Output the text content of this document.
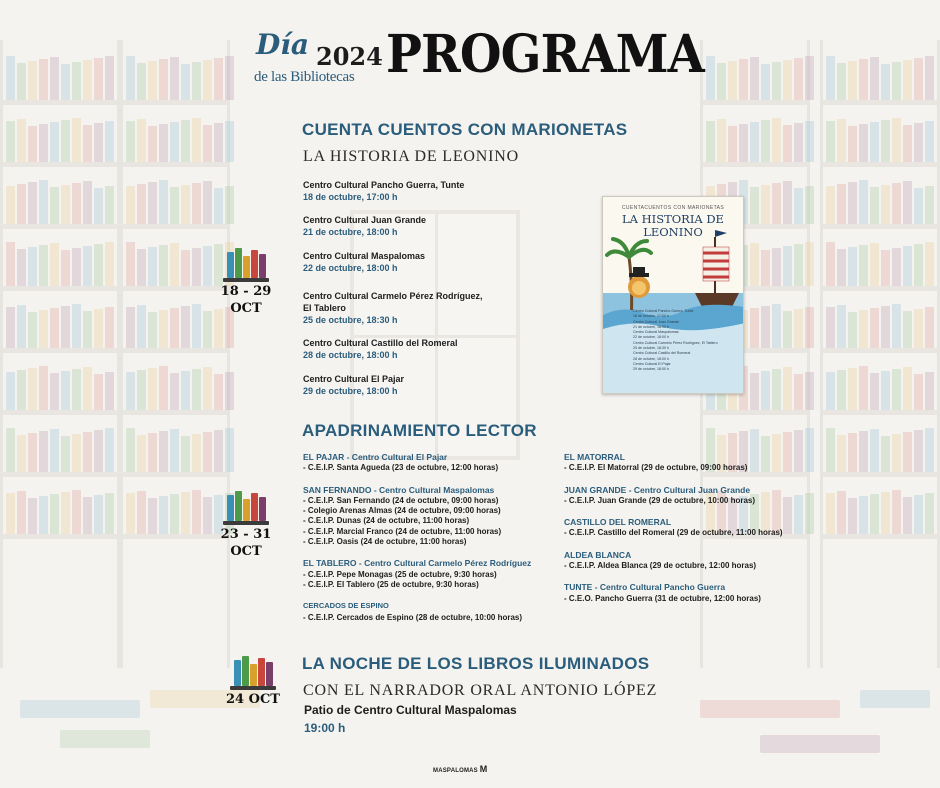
Día
de las Bibliotecas
2024 PROGRAMA
CUENTA CUENTOS CON MARIONETAS
LA HISTORIA DE LEONINO
Centro Cultural Pancho Guerra, Tunte
18 de octubre, 17:00 h
Centro Cultural Juan Grande
21 de octubre, 18:00 h
Centro Cultural Maspalomas
22 de octubre, 18:00 h
Centro Cultural Carmelo Pérez Rodríguez,
El Tablero
25 de octubre, 18:30 h
Centro Cultural Castillo del Romeral
28 de octubre, 18:00 h
Centro Cultural El Pajar
29 de octubre, 18:00 h
18 - 29
OCT
CUENTACUENTOS CON MARIONETAS
LA HISTORIA DE
LEONINO
Centro Cultural Pancho Guerra, Tunte
18 de octubre, 17:00 h
Centro Cultural Juan Grande
21 de octubre, 18:00 h
Centro Cultural Maspalomas
22 de octubre, 18:00 h
Centro Cultural Carmelo Pérez Rodríguez, El Tablero
25 de octubre, 18:30 h
Centro Cultural Castillo del Romeral
28 de octubre, 18:00 h
Centro Cultural El Pajar
29 de octubre, 18:00 h
APADRINAMIENTO LECTOR
EL PAJAR - Centro Cultural El Pajar
- C.E.I.P. Santa Agueda (23 de octubre, 12:00 horas)
SAN FERNANDO - Centro Cultural Maspalomas
- C.E.I.P. San Fernando (24 de octubre, 09:00 horas)
- Colegio Arenas Almas (24 de octubre, 09:00 horas)
- C.E.I.P. Dunas (24 de octubre, 11:00 horas)
- C.E.I.P. Marcial Franco (24 de octubre, 11:00 horas)
- C.E.I.P. Oasis (24 de octubre, 11:00 horas)
EL TABLERO - Centro Cultural Carmelo Pérez Rodríguez
- C.E.I.P. Pepe Monagas (25 de octubre, 9:30 horas)
- C.E.I.P. El Tablero (25 de octubre, 9:30 horas)
CERCADOS DE ESPINO
- C.E.I.P. Cercados de Espino (28 de octubre, 10:00 horas)
EL MATORRAL
- C.E.I.P. El Matorral (29 de octubre, 09:00 horas)
JUAN GRANDE - Centro Cultural Juan Grande
- C.E.I.P. Juan Grande (29 de octubre, 10:00 horas)
CASTILLO DEL ROMERAL
- C.E.I.P. Castillo del Romeral (29 de octubre, 11:00 horas)
ALDEA BLANCA
- C.E.I.P. Aldea Blanca (29 de octubre, 12:00 horas)
TUNTE - Centro Cultural Pancho Guerra
- C.E.O. Pancho Guerra (31 de octubre, 12:00 horas)
23 - 31
OCT
LA NOCHE DE LOS LIBROS ILUMINADOS
CON EL NARRADOR ORAL ANTONIO LÓPEZ
Patio de Centro Cultural Maspalomas
19:00 h
24 OCT
MASPALOMAS M
